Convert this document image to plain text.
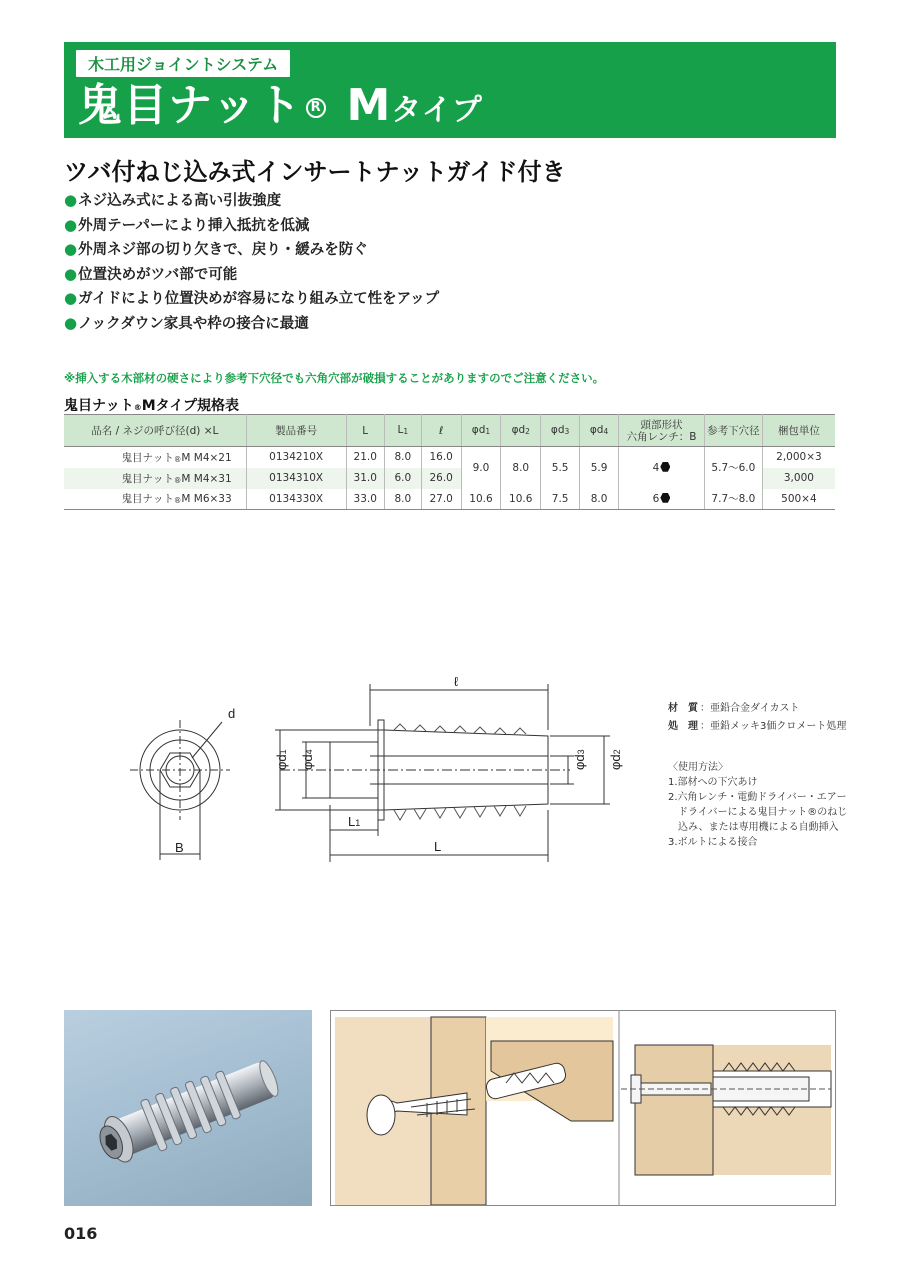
木工用ジョイントシステム
鬼目ナット R Mタイプ
ツバ付ねじ込み式インサートナットガイド付き
●ネジ込み式による高い引抜強度
●外周テーパーにより挿入抵抗を低減
●外周ネジ部の切り欠きで、戻り・緩みを防ぐ
●位置決めがツバ部で可能
●ガイドにより位置決めが容易になり組み立て性をアップ
●ノックダウン家具や枠の接合に最適
※挿入する木部材の硬さにより参考下穴径でも六角穴部が破損することがありますのでご注意ください。
鬼目ナット®Mタイプ規格表
品名 / ネジの呼び径(d) ×L	製品番号	L	L1	ℓ	φd1	φd2	φd3	φd4	頭部形状
六角レンチ：B	参考下穴径	梱包単位
鬼目ナット®M M4×21	0134210X	21.0	8.0	16.0	9.0	8.0	5.5	5.9	4	5.7～6.0	2,000×3
鬼目ナット®M M4×31	0134310X	31.0	6.0	26.0							3,000
鬼目ナット®M M6×33	0134330X	33.0	8.0	27.0	10.6	10.6	7.5	8.0	6	7.7～8.0	500×4
d
B
ℓ
L
L1
φd1
φd4
φd3
φd2
材　質 ：亜鉛合金ダイカスト
処　理 ：亜鉛メッキ3価クロメート処理
〈使用方法〉
1.部材への下穴あけ
2.六角レンチ・電動ドライバー・エアー
　ドライバーによる鬼目ナット®のねじ
　込み、または専用機による自動挿入
3.ボルトによる接合
016
